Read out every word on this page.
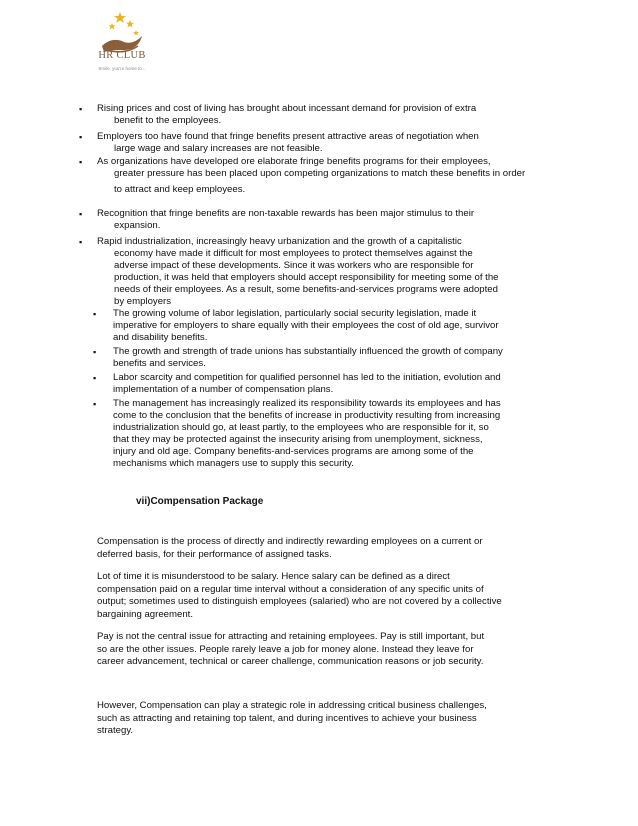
HR CLUB
Smile, you're home to...
▪ Rising prices and cost of living has brought about incessant demand for provision of extra
benefit to the employees.
▪ Employers too have found that fringe benefits present attractive areas of negotiation when
large wage and salary increases are not feasible.
▪ As organizations have developed ore elaborate fringe benefits programs for their employees,
greater pressure has been placed upon competing organizations to match these benefits in order
to attract and keep employees.
▪ Recognition that fringe benefits are non-taxable rewards has been major stimulus to their
expansion.
▪ Rapid industrialization, increasingly heavy urbanization and the growth of a capitalistic
economy have made it difficult for most employees to protect themselves against the
adverse impact of these developments. Since it was workers who are responsible for
production, it was held that employers should accept responsibility for meeting some of the
needs of their employees. As a result, some benefits-and-services programs were adopted
by employers
▪ The growing volume of labor legislation, particularly social security legislation, made it
imperative for employers to share equally with their employees the cost of old age, survivor
and disability benefits.
▪ The growth and strength of trade unions has substantially influenced the growth of company
benefits and services.
▪ Labor scarcity and competition for qualified personnel has led to the initiation, evolution and
implementation of a number of compensation plans.
▪ The management has increasingly realized its responsibility towards its employees and has
come to the conclusion that the benefits of increase in productivity resulting from increasing
industrialization should go, at least partly, to the employees who are responsible for it, so
that they may be protected against the insecurity arising from unemployment, sickness,
injury and old age. Company benefits-and-services programs are among some of the
mechanisms which managers use to supply this security.
vii)Compensation Package
Compensation is the process of directly and indirectly rewarding employees on a current or
deferred basis, for their performance of assigned tasks.
Lot of time it is misunderstood to be salary. Hence salary can be defined as a direct
compensation paid on a regular time interval without a consideration of any specific units of
output; sometimes used to distinguish employees (salaried) who are not covered by a collective
bargaining agreement.
Pay is not the central issue for attracting and retaining employees. Pay is still important, but
so are the other issues. People rarely leave a job for money alone. Instead they leave for
career advancement, technical or career challenge, communication reasons or job security.
However, Compensation can play a strategic role in addressing critical business challenges,
such as attracting and retaining top talent, and during incentives to achieve your business
strategy.
